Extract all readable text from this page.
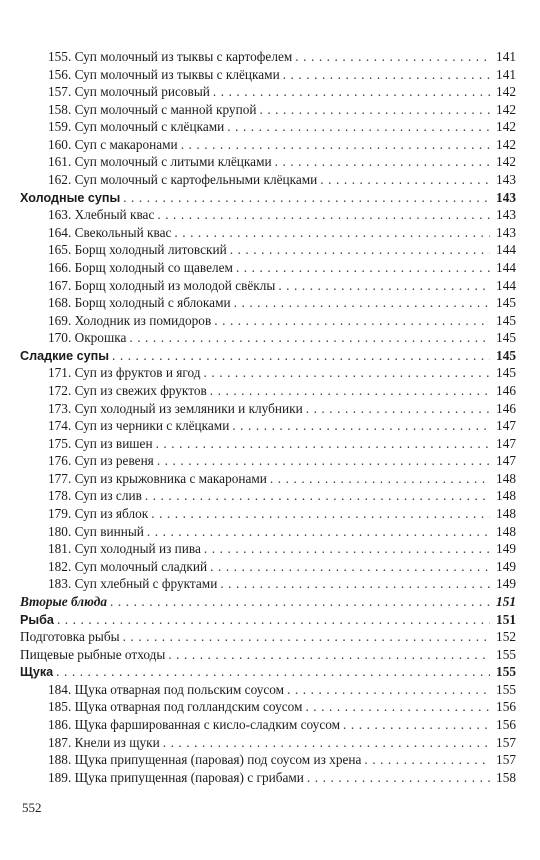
155. Суп молочный из тыквы с картофелем . . .	141
156. Суп молочный из тыквы с клёцками . . .	141
157. Суп молочный рисовый . . .	142
158. Суп молочный с манной крупой . . .	142
159. Суп молочный с клёцками . . .	142
160. Суп с макаронами . . .	142
161. Суп молочный с литыми клёцками . . .	142
162. Суп молочный с картофельными клёцками . . .	143
Холодные супы . . .	143
163. Хлебный квас . . .	143
164. Свекольный квас . . .	143
165. Борщ холодный литовский . . .	144
166. Борщ холодный со щавелем . . .	144
167. Борщ холодный из молодой свёклы . . .	144
168. Борщ холодный с яблоками . . .	145
169. Холодник из помидоров . . .	145
170. Окрошка . . .	145
Сладкие супы . . .	145
171. Суп из фруктов и ягод . . .	145
172. Суп из свежих фруктов . . .	146
173. Суп холодный из земляники и клубники . . .	146
174. Суп из черники с клёцками . . .	147
175. Суп из вишен . . .	147
176. Суп из ревеня . . .	147
177. Суп из крыжовника с макаронами . . .	148
178. Суп из слив . . .	148
179. Суп из яблок . . .	148
180. Суп винный . . .	148
181. Суп холодный из пива . . .	149
182. Суп молочный сладкий . . .	149
183. Суп хлебный с фруктами . . .	149
Вторые блюда . . .	151
Рыба . . .	151
Подготовка рыбы . . .	152
Пищевые рыбные отходы . . .	155
Щука . . .	155
184. Щука отварная под польским соусом . . .	155
185. Щука отварная под голландским соусом . . .	156
186. Щука фаршированная с кисло-сладким соусом . . .	156
187. Кнели из щуки . . .	157
188. Щука припущенная (паровая) под соусом из хрена . . .	157
189. Щука припущенная (паровая) с грибами . . .	158
552
